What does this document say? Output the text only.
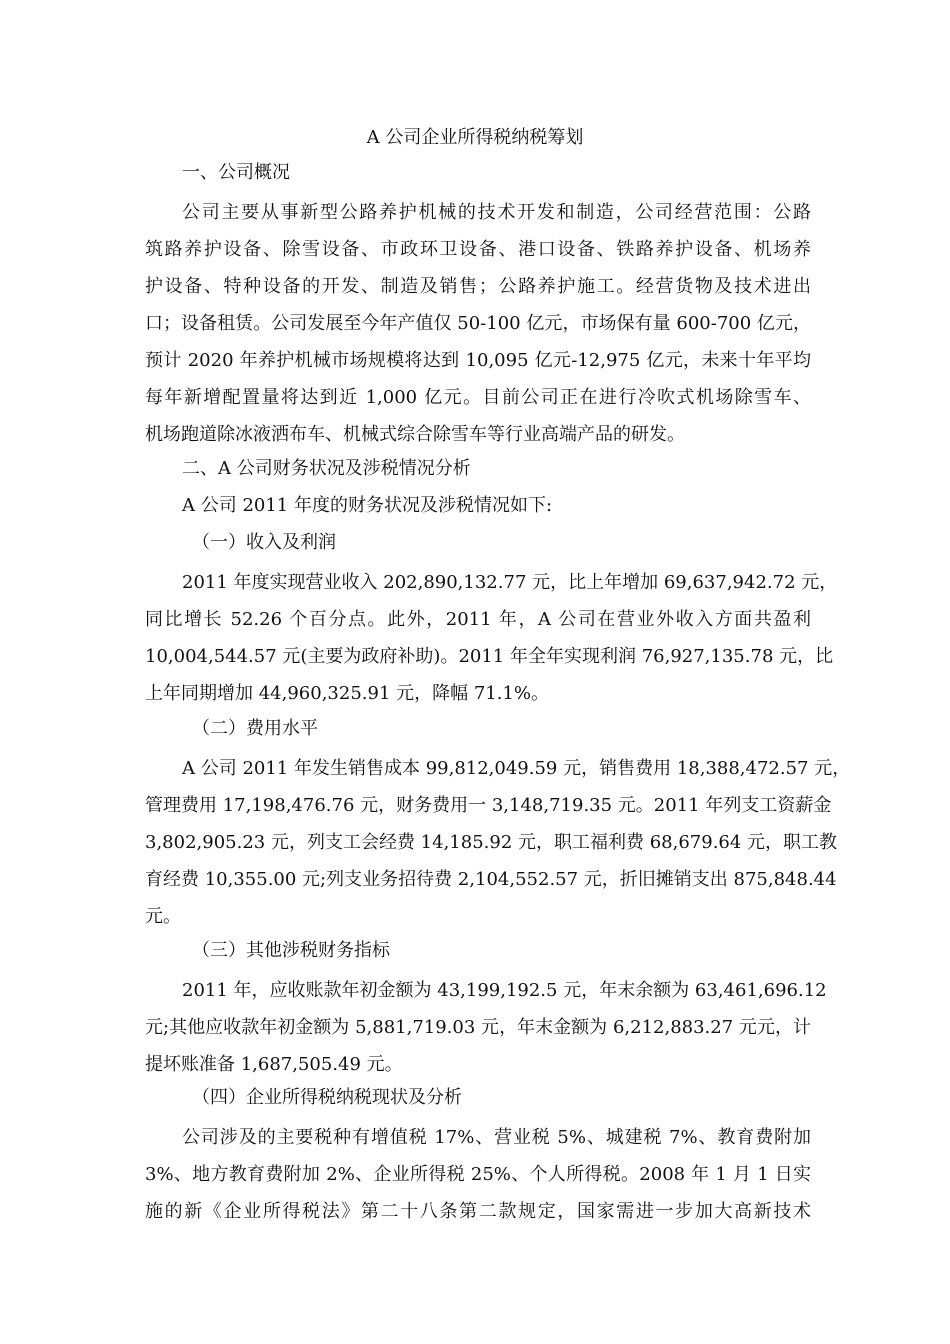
A 公司企业所得税纳税筹划
一、公司概况
公司主要从事新型公路养护机械的技术开发和制造，公司经营范围：公路
筑路养护设备、除雪设备、市政环卫设备、港口设备、铁路养护设备、机场养
护设备、特种设备的开发、制造及销售；公路养护施工。经营货物及技术进出
口；设备租赁。公司发展至今年产值仅 50-100 亿元，市场保有量 600-700 亿元，
预计 2020 年养护机械市场规模将达到 10,095 亿元-12,975 亿元，未来十年平均
每年新增配置量将达到近 1,000 亿元。目前公司正在进行冷吹式机场除雪车、
机场跑道除冰液洒布车、机械式综合除雪车等行业高端产品的研发。
二、A 公司财务状况及涉税情况分析
A 公司 2011 年度的财务状况及涉税情况如下:
（一）收入及利润
2011 年度实现营业收入 202,890,132.77 元，比上年增加 69,637,942.72 元，
同比增长 52.26 个百分点。此外，2011 年，A 公司在营业外收入方面共盈利
10,004,544.57 元(主要为政府补助)。2011 年全年实现利润 76,927,135.78 元，比
上年同期增加 44,960,325.91 元，降幅 71.1%。
（二）费用水平
A 公司 2011 年发生销售成本 99,812,049.59 元，销售费用 18,388,472.57 元，
管理费用 17,198,476.76 元，财务费用一 3,148,719.35 元。2011 年列支工资薪金
3,802,905.23 元，列支工会经费 14,185.92 元，职工福利费 68,679.64 元，职工教
育经费 10,355.00 元;列支业务招待费 2,104,552.57 元，折旧摊销支出 875,848.44
元。
（三）其他涉税财务指标
2011 年，应收账款年初金额为 43,199,192.5 元，年末余额为 63,461,696.12
元;其他应收款年初金额为 5,881,719.03 元，年末金额为 6,212,883.27 元元，计
提坏账准备 1,687,505.49 元。
（四）企业所得税纳税现状及分析
公司涉及的主要税种有增值税 17%、营业税 5%、城建税 7%、教育费附加
3%、地方教育费附加 2%、企业所得税 25%、个人所得税。2008 年 1 月 1 日实
施的新《企业所得税法》第二十八条第二款规定，国家需进一步加大高新技术
